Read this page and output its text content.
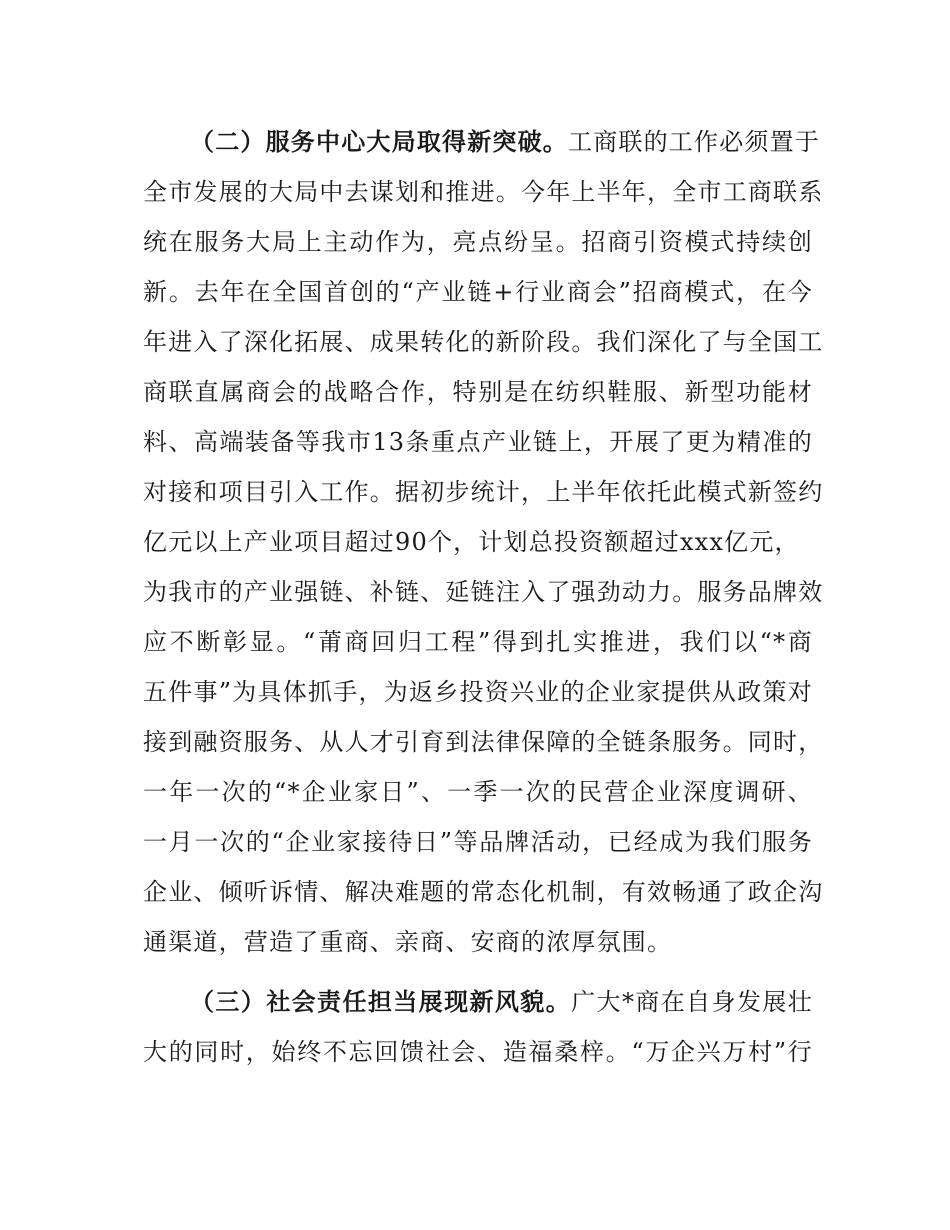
（二）服务中心大局取得新突破。工商联的工作必须置于
全市发展的大局中去谋划和推进。今年上半年，全市工商联系
统在服务大局上主动作为，亮点纷呈。招商引资模式持续创
新。去年在全国首创的“产业链+行业商会”招商模式，在今
年进入了深化拓展、成果转化的新阶段。我们深化了与全国工
商联直属商会的战略合作，特别是在纺织鞋服、新型功能材
料、高端装备等我市13条重点产业链上，开展了更为精准的
对接和项目引入工作。据初步统计，上半年依托此模式新签约
亿元以上产业项目超过90个，计划总投资额超过xxx亿元，
为我市的产业强链、补链、延链注入了强劲动力。服务品牌效
应不断彰显。“莆商回归工程”得到扎实推进，我们以“*商
五件事”为具体抓手，为返乡投资兴业的企业家提供从政策对
接到融资服务、从人才引育到法律保障的全链条服务。同时，
一年一次的“*企业家日”、一季一次的民营企业深度调研、
一月一次的“企业家接待日”等品牌活动，已经成为我们服务
企业、倾听诉情、解决难题的常态化机制，有效畅通了政企沟
通渠道，营造了重商、亲商、安商的浓厚氛围。
（三）社会责任担当展现新风貌。广大*商在自身发展壮
大的同时，始终不忘回馈社会、造福桑梓。“万企兴万村”行
